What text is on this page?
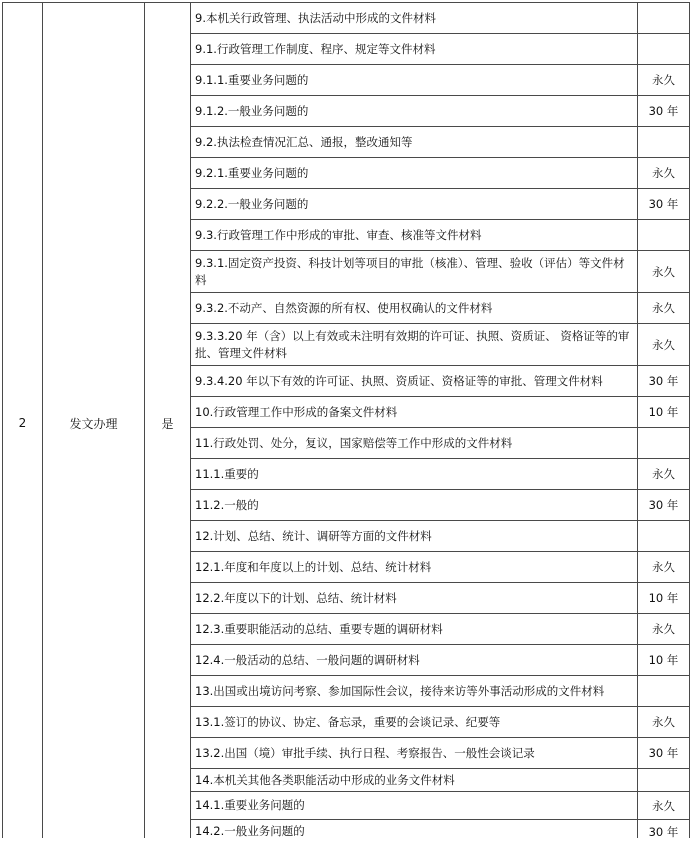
2	发文办理	是	9.本机关行政管理、执法活动中形成的文件材料	
			9.1.行政管理工作制度、程序、规定等文件材料	
			9.1.1.重要业务问题的	永久
			9.1.2.一般业务问题的	30 年
			9.2.执法检查情况汇总、通报，整改通知等	
			9.2.1.重要业务问题的	永久
			9.2.2.一般业务问题的	30 年
			9.3.行政管理工作中形成的审批、审查、核准等文件材料	
			9.3.1.固定资产投资、科技计划等项目的审批（核准）、管理、验收（评估）等文件材料	永久
			9.3.2.不动产、自然资源的所有权、使用权确认的文件材料	永久
			9.3.3.20 年（含）以上有效或未注明有效期的许可证、执照、资质证、 资格证等的审批、管理文件材料	永久
			9.3.4.20 年以下有效的许可证、执照、资质证、资格证等的审批、管理文件材料	30 年
			10.行政管理工作中形成的备案文件材料	10 年
			11.行政处罚、处分，复议，国家赔偿等工作中形成的文件材料	
			11.1.重要的	永久
			11.2.一般的	30 年
			12.计划、总结、统计、调研等方面的文件材料	
			12.1.年度和年度以上的计划、总结、统计材料	永久
			12.2.年度以下的计划、总结、统计材料	10 年
			12.3.重要职能活动的总结、重要专题的调研材料	永久
			12.4.一般活动的总结、一般问题的调研材料	10 年
			13.出国或出境访问考察、参加国际性会议，接待来访等外事活动形成的文件材料	
			13.1.签订的协议、协定、备忘录，重要的会谈记录、纪要等	永久
			13.2.出国（境）审批手续、执行日程、考察报告、一般性会谈记录	30 年
			14.本机关其他各类职能活动中形成的业务文件材料	
			14.1.重要业务问题的	永久
			14.2.一般业务问题的	30 年
